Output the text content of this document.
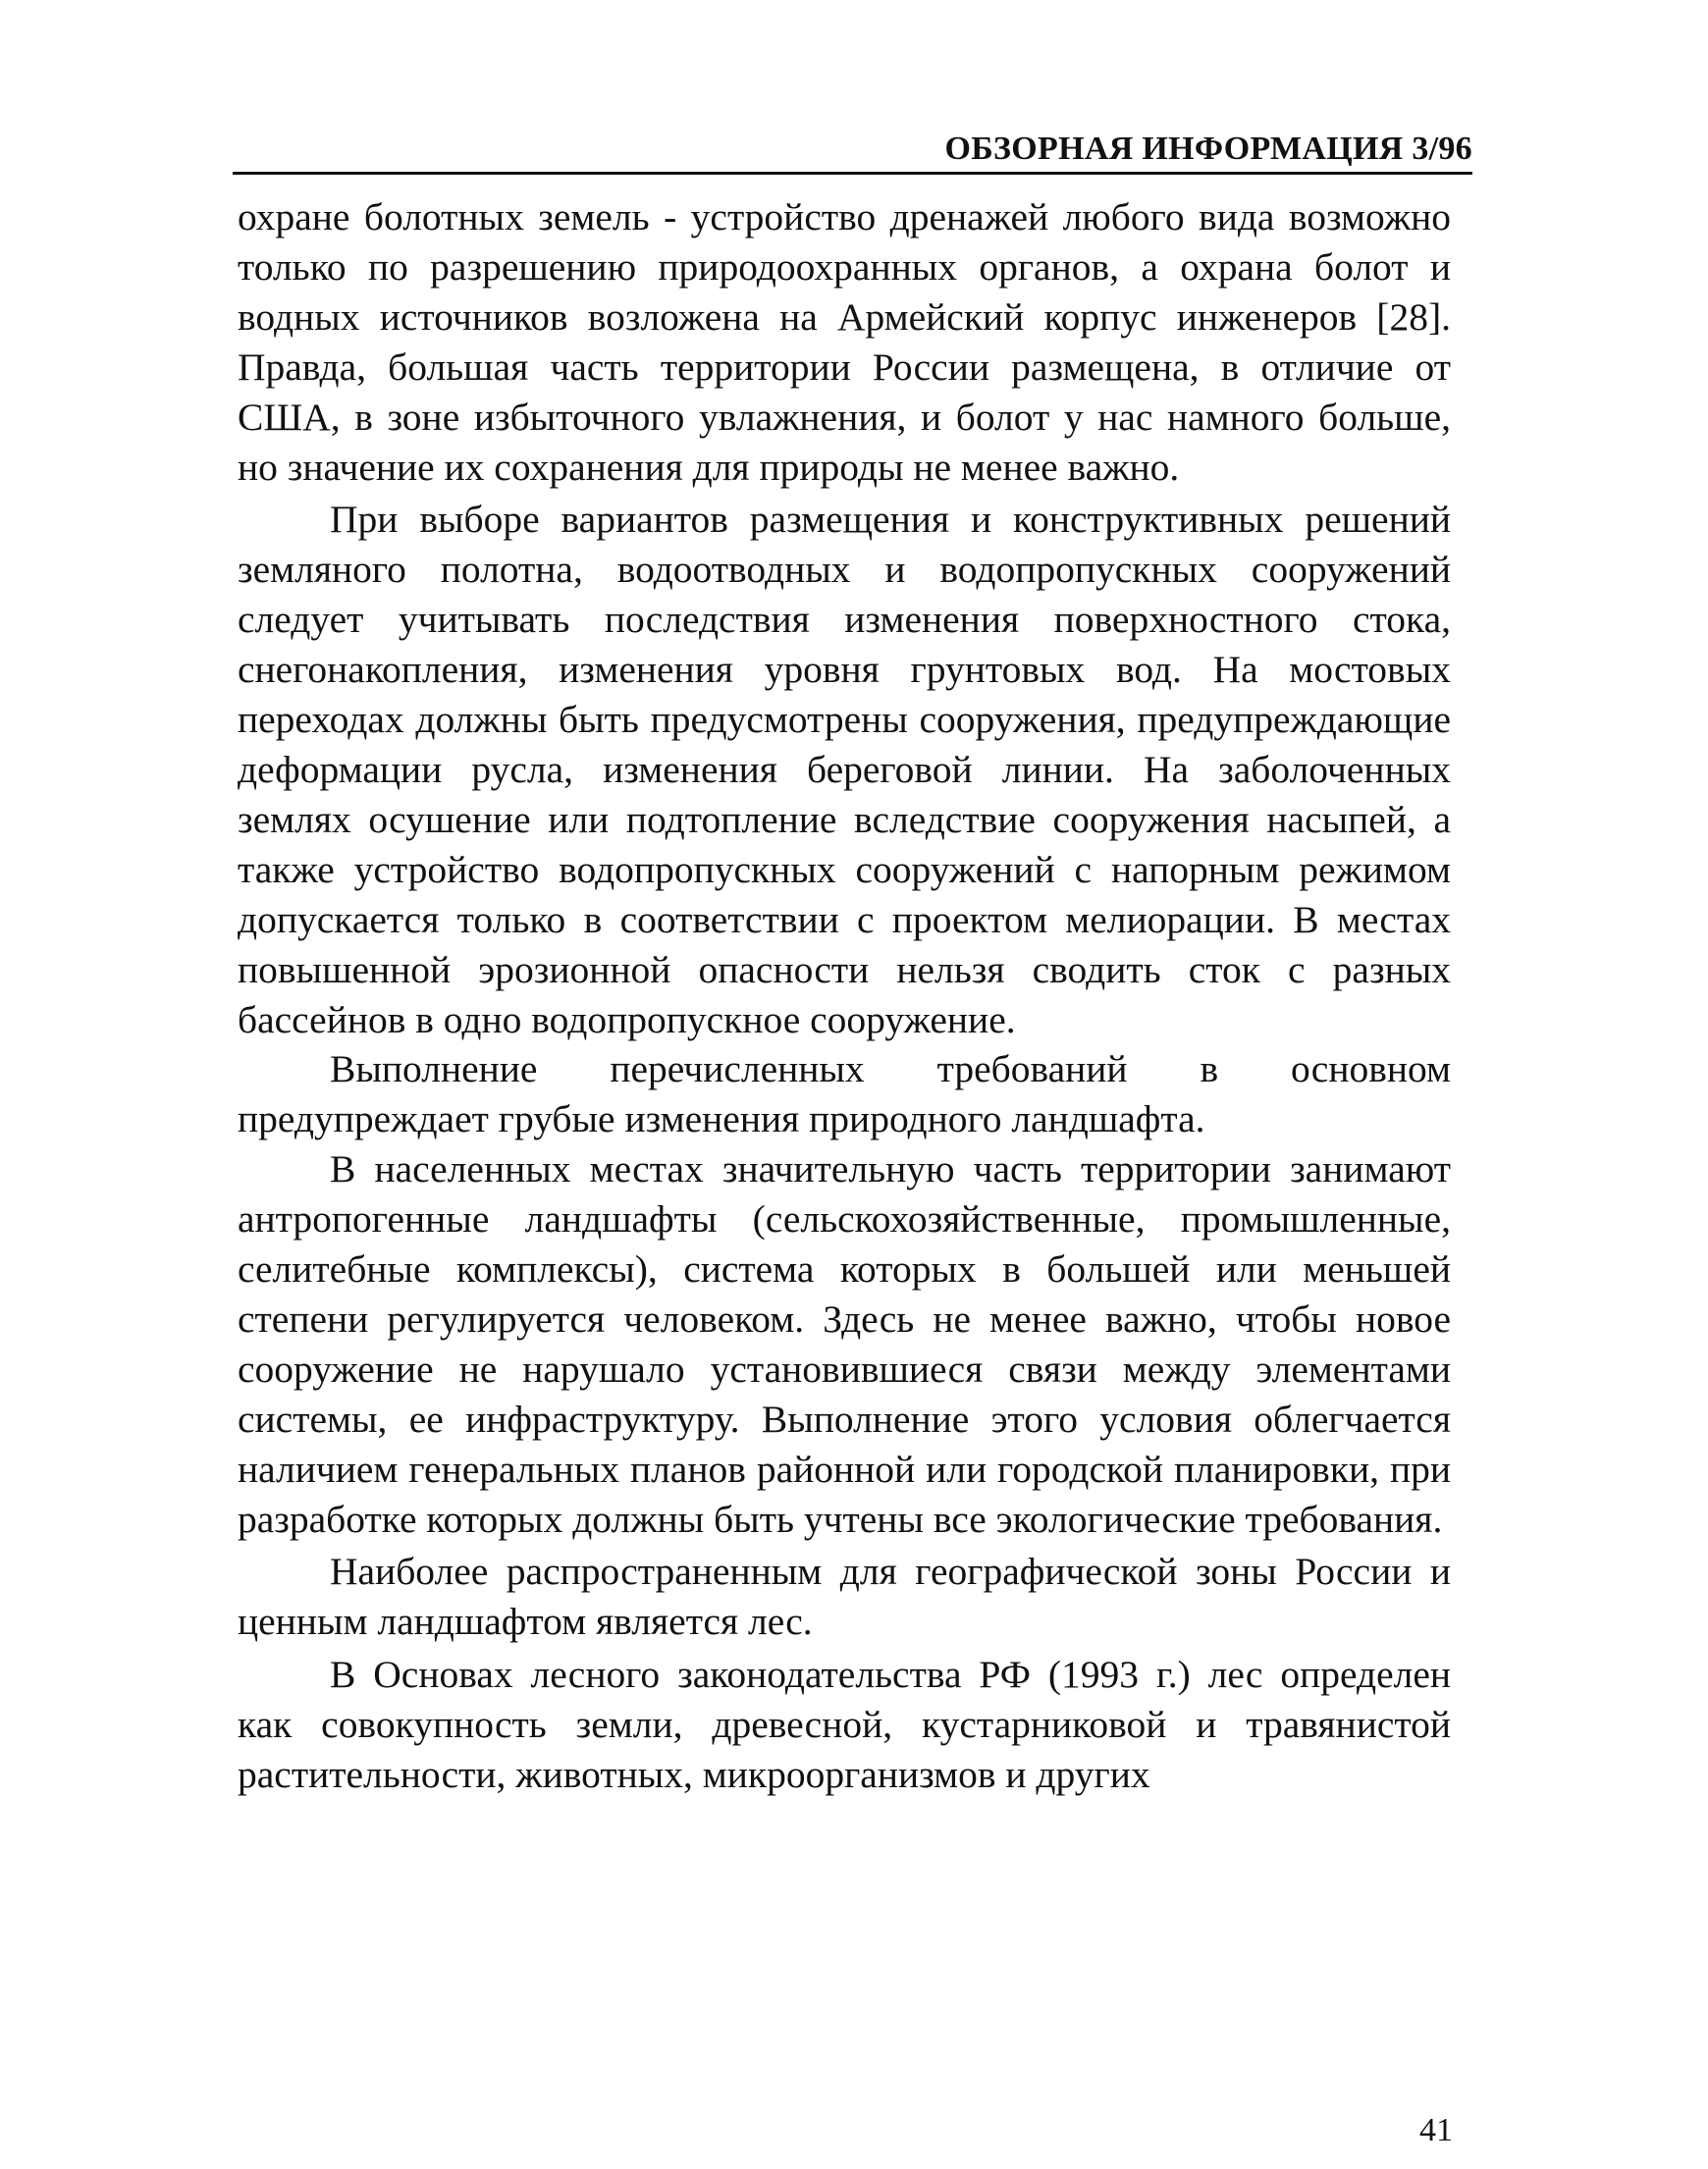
ОБЗОРНАЯ ИНФОРМАЦИЯ 3/96

охране болотных земель - устройство дренажей любого вида возможно только по разрешению природоохранных органов, а охрана болот и водных источников возложена на Армейский корпус инженеров [28]. Правда, большая часть территории России размещена, в отличие от США, в зоне избыточного увлажнения, и болот у нас намного больше, но значение их сохранения для природы не менее важно.

При выборе вариантов размещения и конструктивных решений земляного полотна, водоотводных и водопропускных сооружений следует учитывать последствия изменения поверхностного стока, снегонакопления, изменения уровня грунтовых вод. На мостовых переходах должны быть предусмотрены сооружения, предупреждающие деформации русла, изменения береговой линии. На заболоченных землях осушение или подтопление вследствие сооружения насыпей, а также устройство водопропускных сооружений с напорным режимом допускается только в соответствии с проектом мелиорации. В местах повышенной эрозионной опасности нельзя сводить сток с разных бассейнов в одно водопропускное сооружение.

Выполнение перечисленных требований в основном предупреждает грубые изменения природного ландшафта.

В населенных местах значительную часть территории занимают антропогенные ландшафты (сельскохозяйственные, промышленные, селитебные комплексы), система которых в большей или меньшей степени регулируется человеком. Здесь не менее важно, чтобы новое сооружение не нарушало установившиеся связи между элементами системы, ее инфраструктуру. Выполнение этого условия облегчается наличием генеральных планов районной или городской планировки, при разработке которых должны быть учтены все экологические требования.

Наиболее распространенным для географической зоны России и ценным ландшафтом является лес.

В Основах лесного законодательства РФ (1993 г.) лес определен как совокупность земли, древесной, кустарниковой и травянистой растительности, животных, микроорганизмов и других

41
